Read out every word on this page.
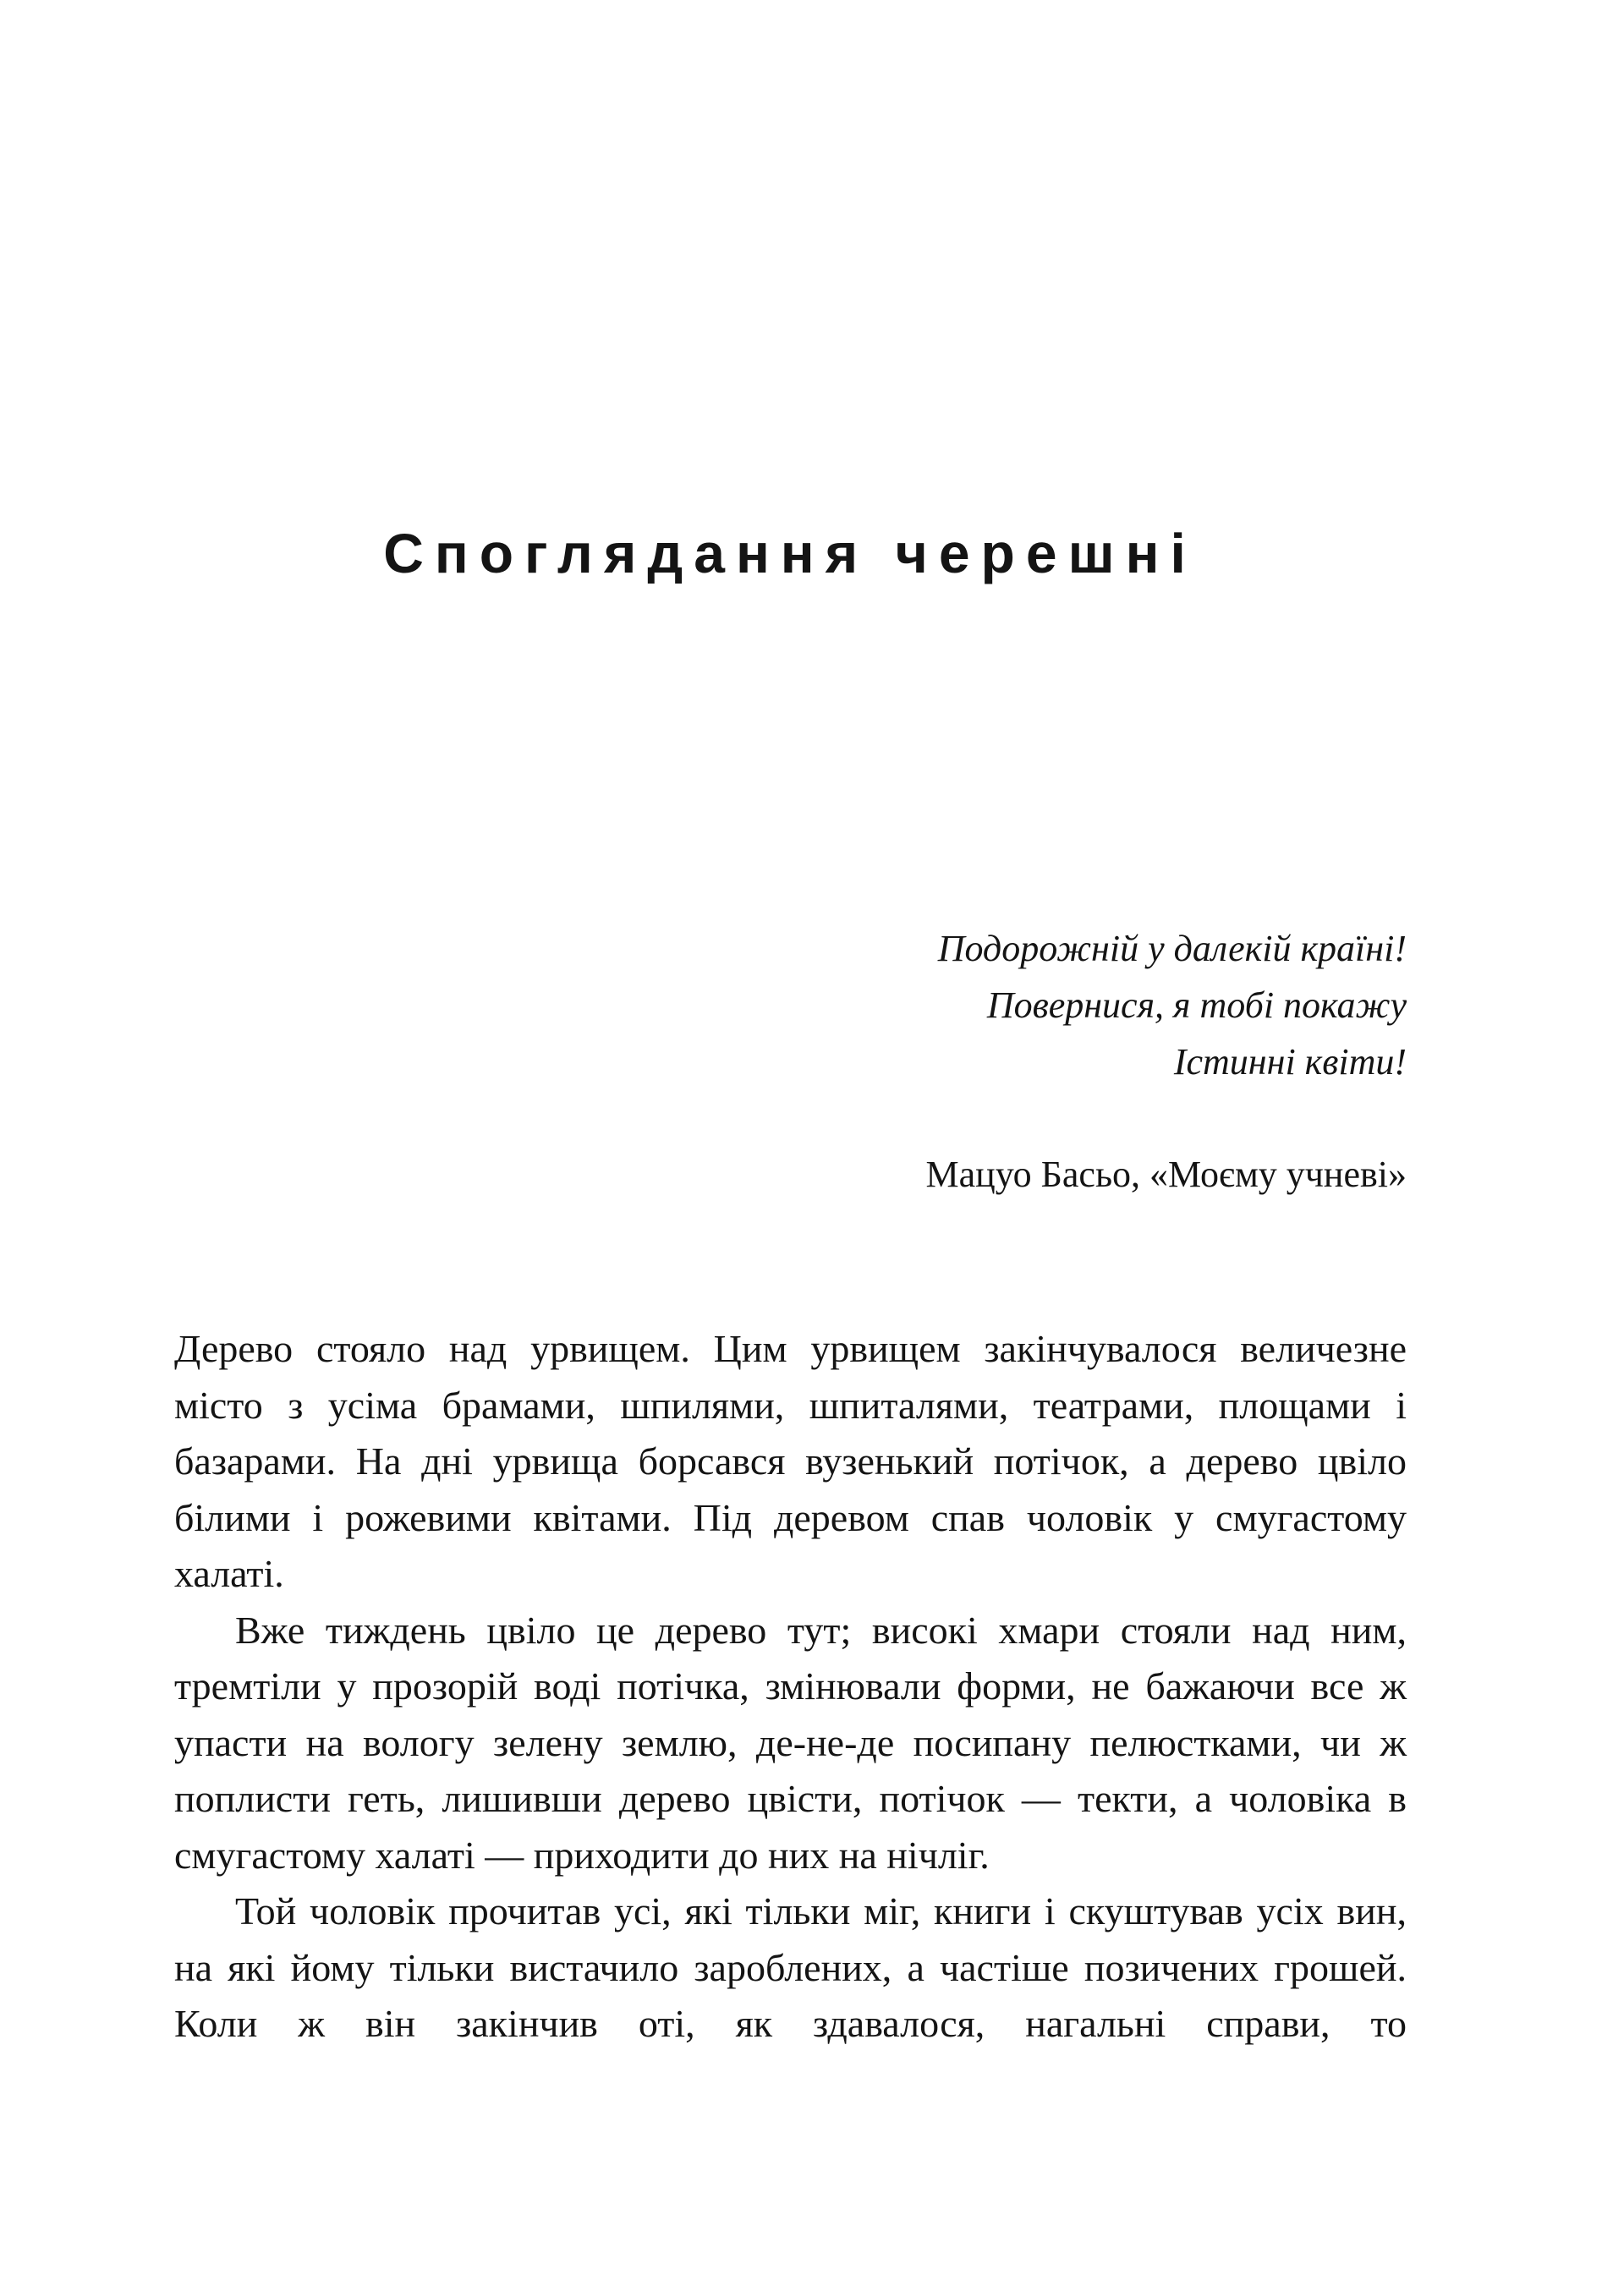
Споглядання черешні
Подорожній у далекій країні!
Повернися, я тобі покажу
Істинні квіти!
Мацуо Басьо, «Моєму учневі»

Дерево стояло над урвищем. Цим урвищем закінчувалося величезне місто з усіма брамами, шпилями, шпиталями, театрами, площами і базарами. На дні урвища борсався вузенький потічок, а дерево цвіло білими і рожевими квітами. Під деревом спав чоловік у смугастому халаті.

Вже тиждень цвіло це дерево тут; високі хмари стояли над ним, тремтіли у прозорій воді потічка, змінювали форми, не бажаючи все ж упасти на вологу зелену землю, де-не-де посипану пелюстками, чи ж поплисти геть, лишивши дерево цвісти, потічок — текти, а чоловіка в смугастому халаті — приходити до них на нічліг.

Той чоловік прочитав усі, які тільки міг, книги і скуштував усіх вин, на які йому тільки вистачило зароблених, а частіше позичених грошей. Коли ж він закінчив оті, як здавалося, нагальні справи, то
